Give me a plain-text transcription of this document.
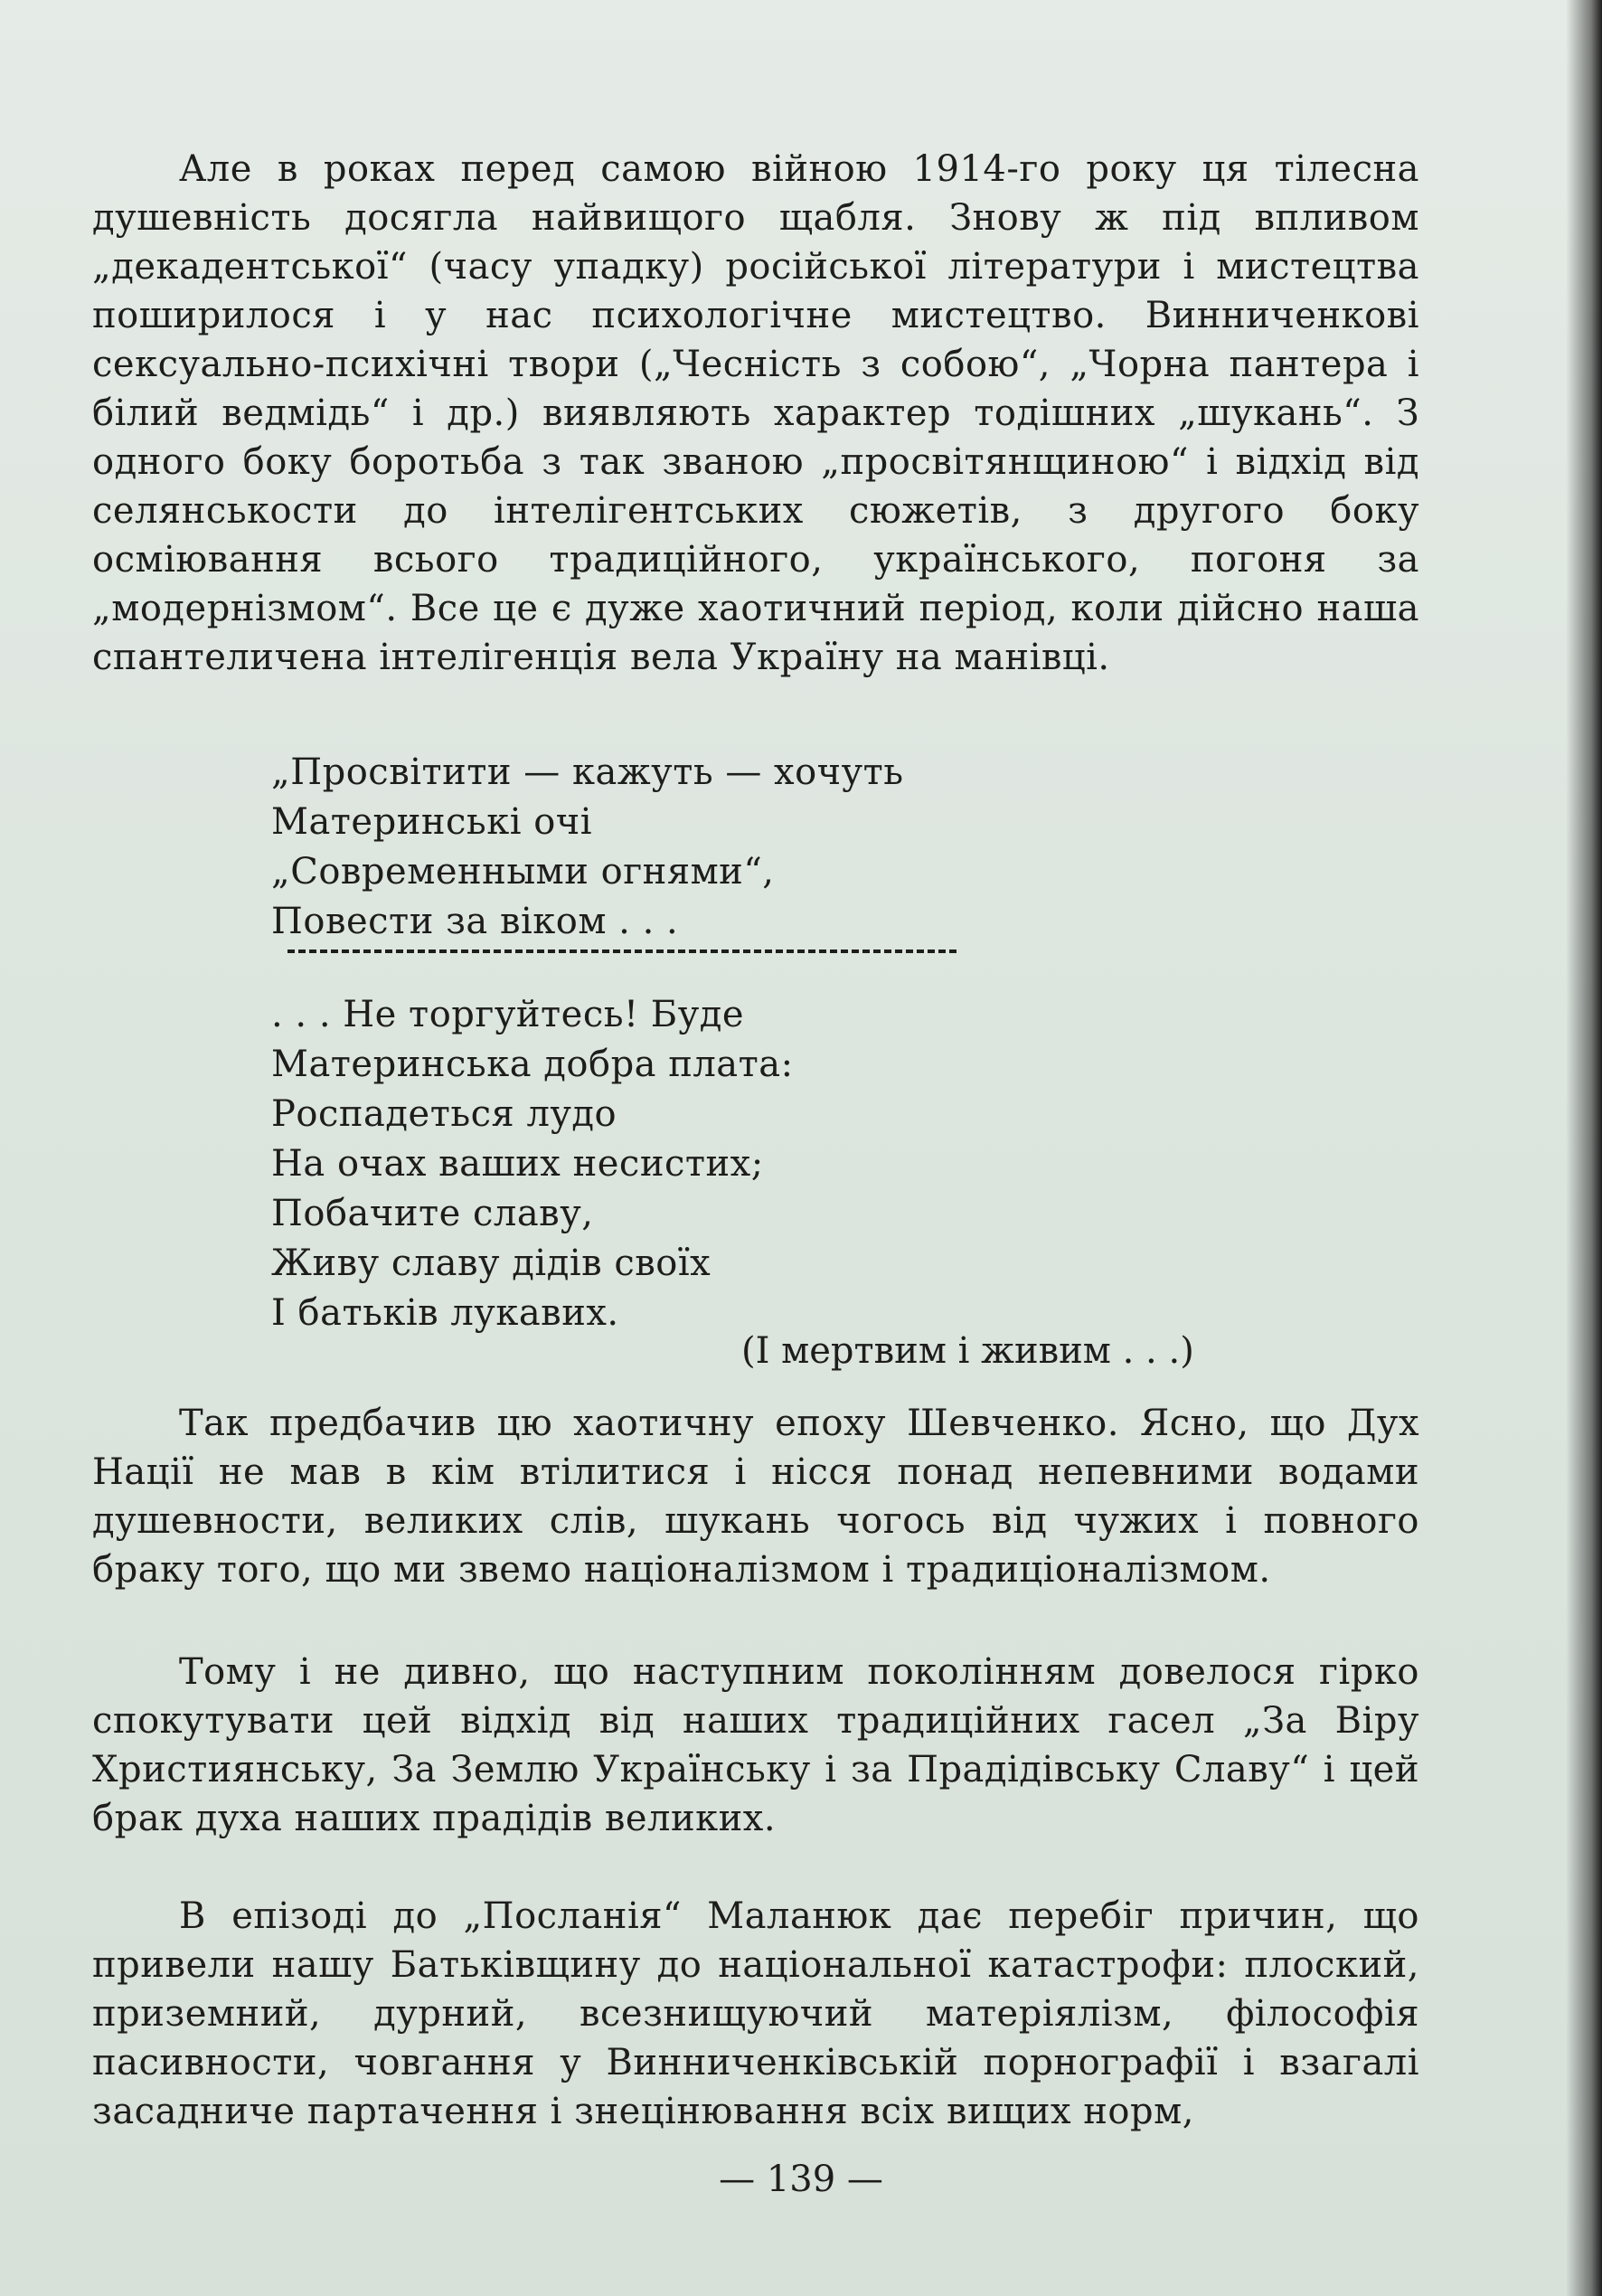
Але в роках перед самою війною 1914-го року ця тілесна душевність досягла найвищого щабля. Знову ж під впливом „декадентської“ (часу упадку) російської літератури і мистецтва поширилося і у нас психологічне мистецтво. Винниченкові сексуально-психічні твори („Чесність з собою“, „Чорна пантера і білий ведмідь“ і др.) виявляють характер тодішних „шукань“. З одного боку боротьба з так званою „просвітянщиною“ і відхід від селянськости до інтелігентських сюжетів, з другого боку осміювання всього традиційного, українського, погоня за „модернізмом“. Все це є дуже хаотичний період, коли дійсно наша спантеличена інтелігенція вела Україну на манівці.

„Просвітити — кажуть — хочуть
Материнські очі
„Современными огнями“,
Повести за віком . . .
. . . Не торгуйтесь! Буде
Материнська добра плата:
Роспадеться лудо
На очах ваших несистих;
Побачите славу,
Живу славу дідів своїх
І батьків лукавих.
(І мертвим і живим . . .)

Так предбачив цю хаотичну епоху Шевченко. Ясно, що Дух Нації не мав в кім втілитися і нісся понад непевними водами душевности, великих слів, шукань чогось від чужих і повного браку того, що ми звемо націоналізмом і традиціоналізмом.

Тому і не дивно, що наступним поколінням довелося гірко спокутувати цей відхід від наших традиційних гасел „За Віру Християнську, За Землю Українську і за Прадідівську Славу“ і цей брак духа наших прадідів великих.

В епізоді до „Посланія“ Маланюк дає перебіг причин, що привели нашу Батьківщину до національної катастрофи: плоский, приземний, дурний, всезнищуючий матеріялізм, філософія пасивности, човгання у Винниченківській порнографії і взагалі засадниче партачення і знецінювання всіх вищих норм,

— 139 —
